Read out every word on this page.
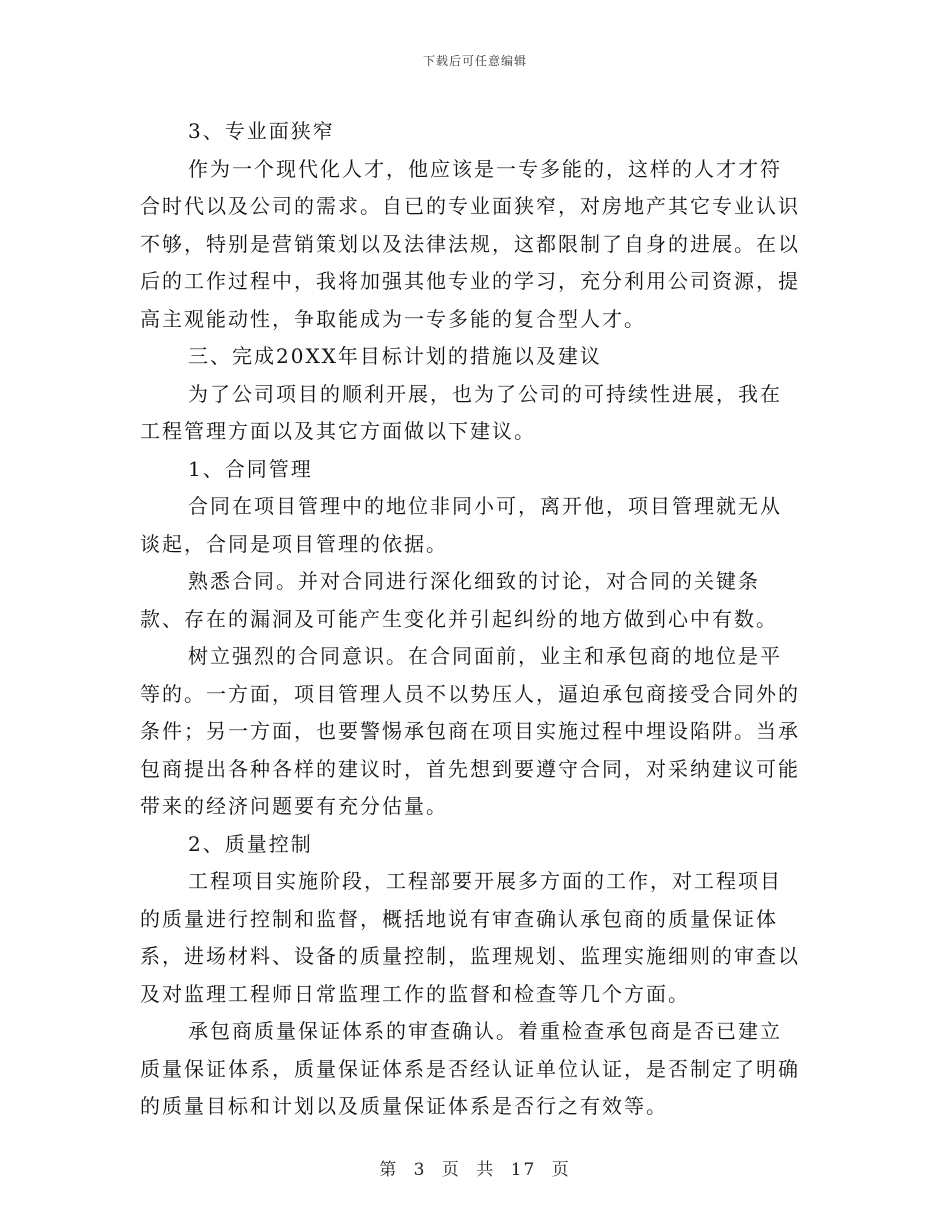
下载后可任意编辑

3、专业面狭窄

作为一个现代化人才，他应该是一专多能的，这样的人才才符合时代以及公司的需求。自已的专业面狭窄，对房地产其它专业认识不够，特别是营销策划以及法律法规，这都限制了自身的进展。在以后的工作过程中，我将加强其他专业的学习，充分利用公司资源，提高主观能动性，争取能成为一专多能的复合型人才。

三、完成20XX年目标计划的措施以及建议

为了公司项目的顺利开展，也为了公司的可持续性进展，我在工程管理方面以及其它方面做以下建议。

1、合同管理

合同在项目管理中的地位非同小可，离开他，项目管理就无从谈起，合同是项目管理的依据。

熟悉合同。并对合同进行深化细致的讨论，对合同的关键条款、存在的漏洞及可能产生变化并引起纠纷的地方做到心中有数。

树立强烈的合同意识。在合同面前，业主和承包商的地位是平等的。一方面，项目管理人员不以势压人，逼迫承包商接受合同外的条件；另一方面，也要警惕承包商在项目实施过程中埋设陷阱。当承包商提出各种各样的建议时，首先想到要遵守合同，对采纳建议可能带来的经济问题要有充分估量。

2、质量控制

工程项目实施阶段，工程部要开展多方面的工作，对工程项目的质量进行控制和监督，概括地说有审查确认承包商的质量保证体系，进场材料、设备的质量控制，监理规划、监理实施细则的审查以及对监理工程师日常监理工作的监督和检查等几个方面。

承包商质量保证体系的审查确认。着重检查承包商是否已建立质量保证体系，质量保证体系是否经认证单位认证，是否制定了明确的质量目标和计划以及质量保证体系是否行之有效等。

第 3 页 共 17 页
